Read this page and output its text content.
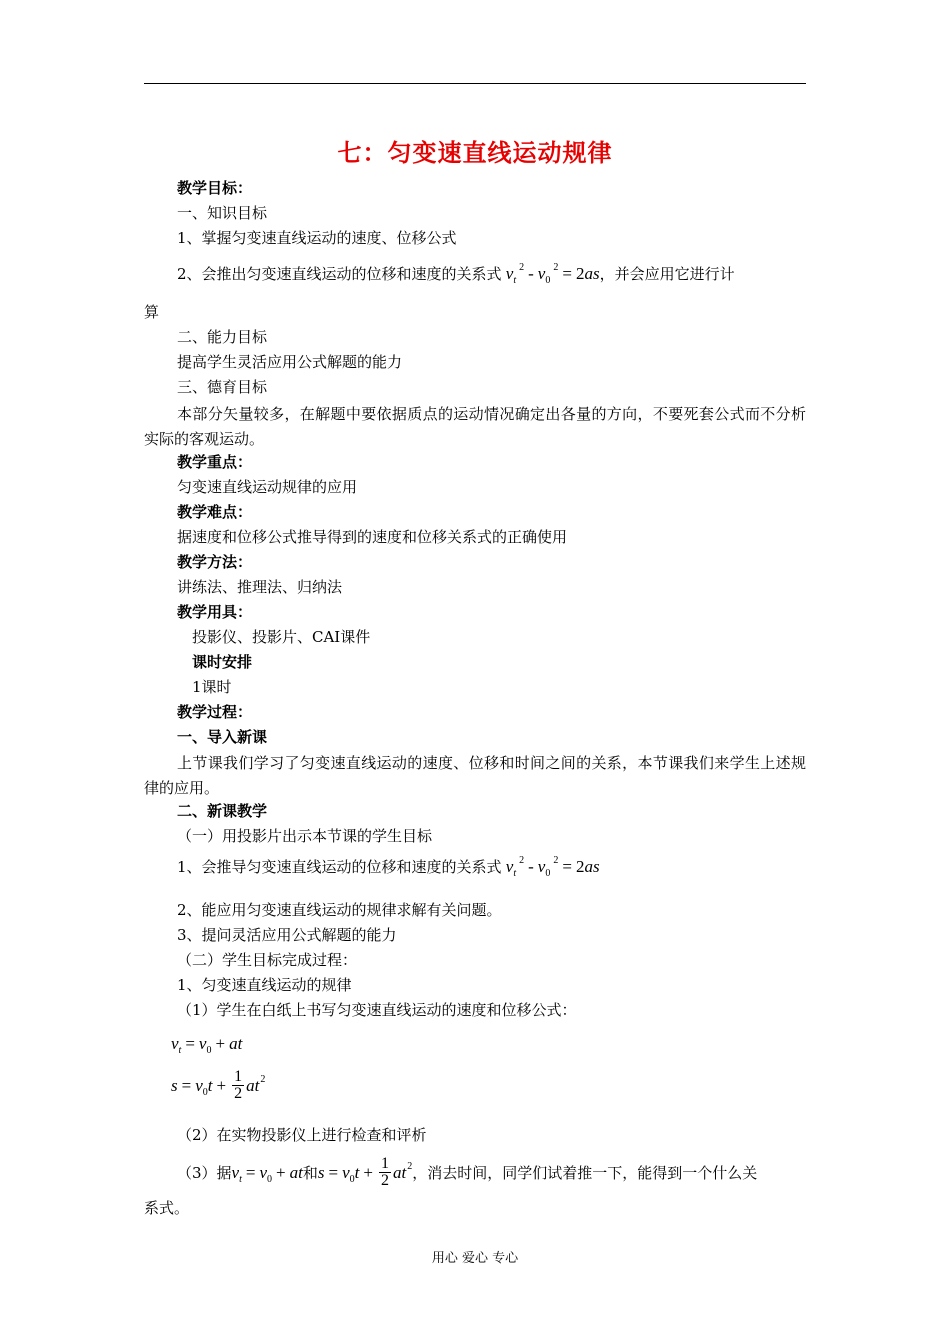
七：匀变速直线运动规律
教学目标：
一、知识目标
1、掌握匀变速直线运动的速度、位移公式
2、会推出匀变速直线运动的位移和速度的关系式 $v_t^2 - v_0^2 = 2as$，并会应用它进行计
算
二、能力目标
提高学生灵活应用公式解题的能力
三、德育目标
本部分矢量较多，在解题中要依据质点的运动情况确定出各量的方向，不要死套公式而不分析实际的客观运动。
教学重点：
匀变速直线运动规律的应用
教学难点：
据速度和位移公式推导得到的速度和位移关系式的正确使用
教学方法：
讲练法、推理法、归纳法
教学用具：
投影仪、投影片、CAI课件
课时安排
1课时
教学过程：
一、导入新课
上节课我们学习了匀变速直线运动的速度、位移和时间之间的关系，本节课我们来学生上述规律的应用。
二、新课教学
（一）用投影片出示本节课的学生目标
1、会推导匀变速直线运动的位移和速度的关系式 $v_t^2 - v_0^2 = 2as$
2、能应用匀变速直线运动的规律求解有关问题。
3、提问灵活应用公式解题的能力
（二）学生目标完成过程：
1、匀变速直线运动的规律
（1）学生在白纸上书写匀变速直线运动的速度和位移公式：
$v_t = v_0$ + at
$s = v_0t + \frac{1}{2} at^2$
（2）在实物投影仪上进行检查和评析
（3）据$v_t = v_0$ + at和$s = v_0t + \frac{1}{2} at^2$，消去时间，同学们试着推一下，能得到一个什么关
系式。
用心 爱心 专心
